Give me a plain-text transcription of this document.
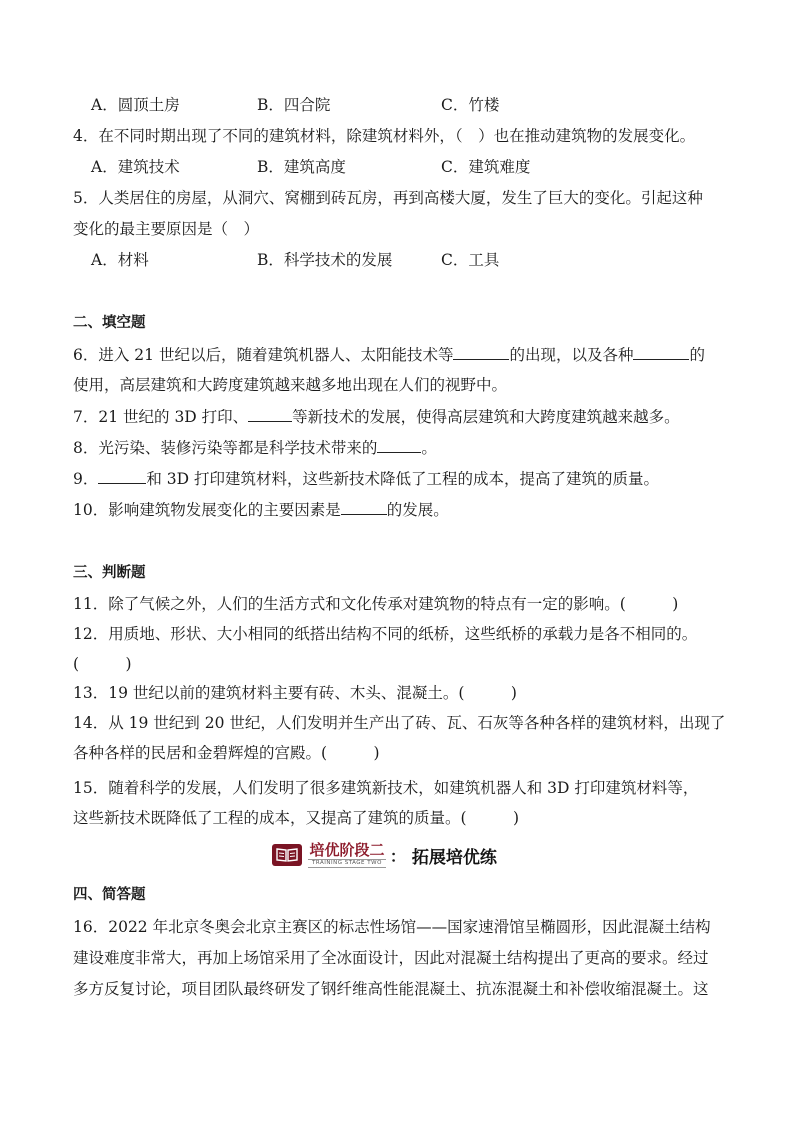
A．圆顶土房	B．四合院	C．竹楼
4．在不同时期出现了不同的建筑材料，除建筑材料外，（　）也在推动建筑物的发展变化。
A．建筑技术	B．建筑高度	C．建筑难度
5．人类居住的房屋，从洞穴、窝棚到砖瓦房，再到高楼大厦，发生了巨大的变化。引起这种
变化的最主要原因是（　）
A．材料	B．科学技术的发展	C．工具
二、填空题
6．进入 21 世纪以后，随着建筑机器人、太阳能技术等	的出现，以及各种	的
使用，高层建筑和大跨度建筑越来越多地出现在人们的视野中。
7．21 世纪的 3D 打印、	等新技术的发展，使得高层建筑和大跨度建筑越来越多。
8．光污染、装修污染等都是科学技术带来的	。
9．	和 3D 打印建筑材料，这些新技术降低了工程的成本，提高了建筑的质量。
10．影响建筑物发展变化的主要因素是	的发展。
三、判断题
11．除了气候之外，人们的生活方式和文化传承对建筑物的特点有一定的影响。(　　　)
12．用质地、形状、大小相同的纸搭出结构不同的纸桥，这些纸桥的承载力是各不相同的。
(　　　)
13．19 世纪以前的建筑材料主要有砖、木头、混凝土。(　　　)
14．从 19 世纪到 20 世纪，人们发明并生产出了砖、瓦、石灰等各种各样的建筑材料，出现了
各种各样的民居和金碧辉煌的宫殿。(　　　)
15．随着科学的发展，人们发明了很多建筑新技术，如建筑机器人和 3D 打印建筑材料等，
这些新技术既降低了工程的成本，又提高了建筑的质量。(　　　)
培优阶段二
TRAINING STAGE TWO ： 拓展培优练
四、简答题
16．2022 年北京冬奥会北京主赛区的标志性场馆——国家速滑馆呈椭圆形，因此混凝土结构
建设难度非常大，再加上场馆采用了全冰面设计，因此对混凝土结构提出了更高的要求。经过
多方反复讨论，项目团队最终研发了钢纤维高性能混凝土、抗冻混凝土和补偿收缩混凝土。这
